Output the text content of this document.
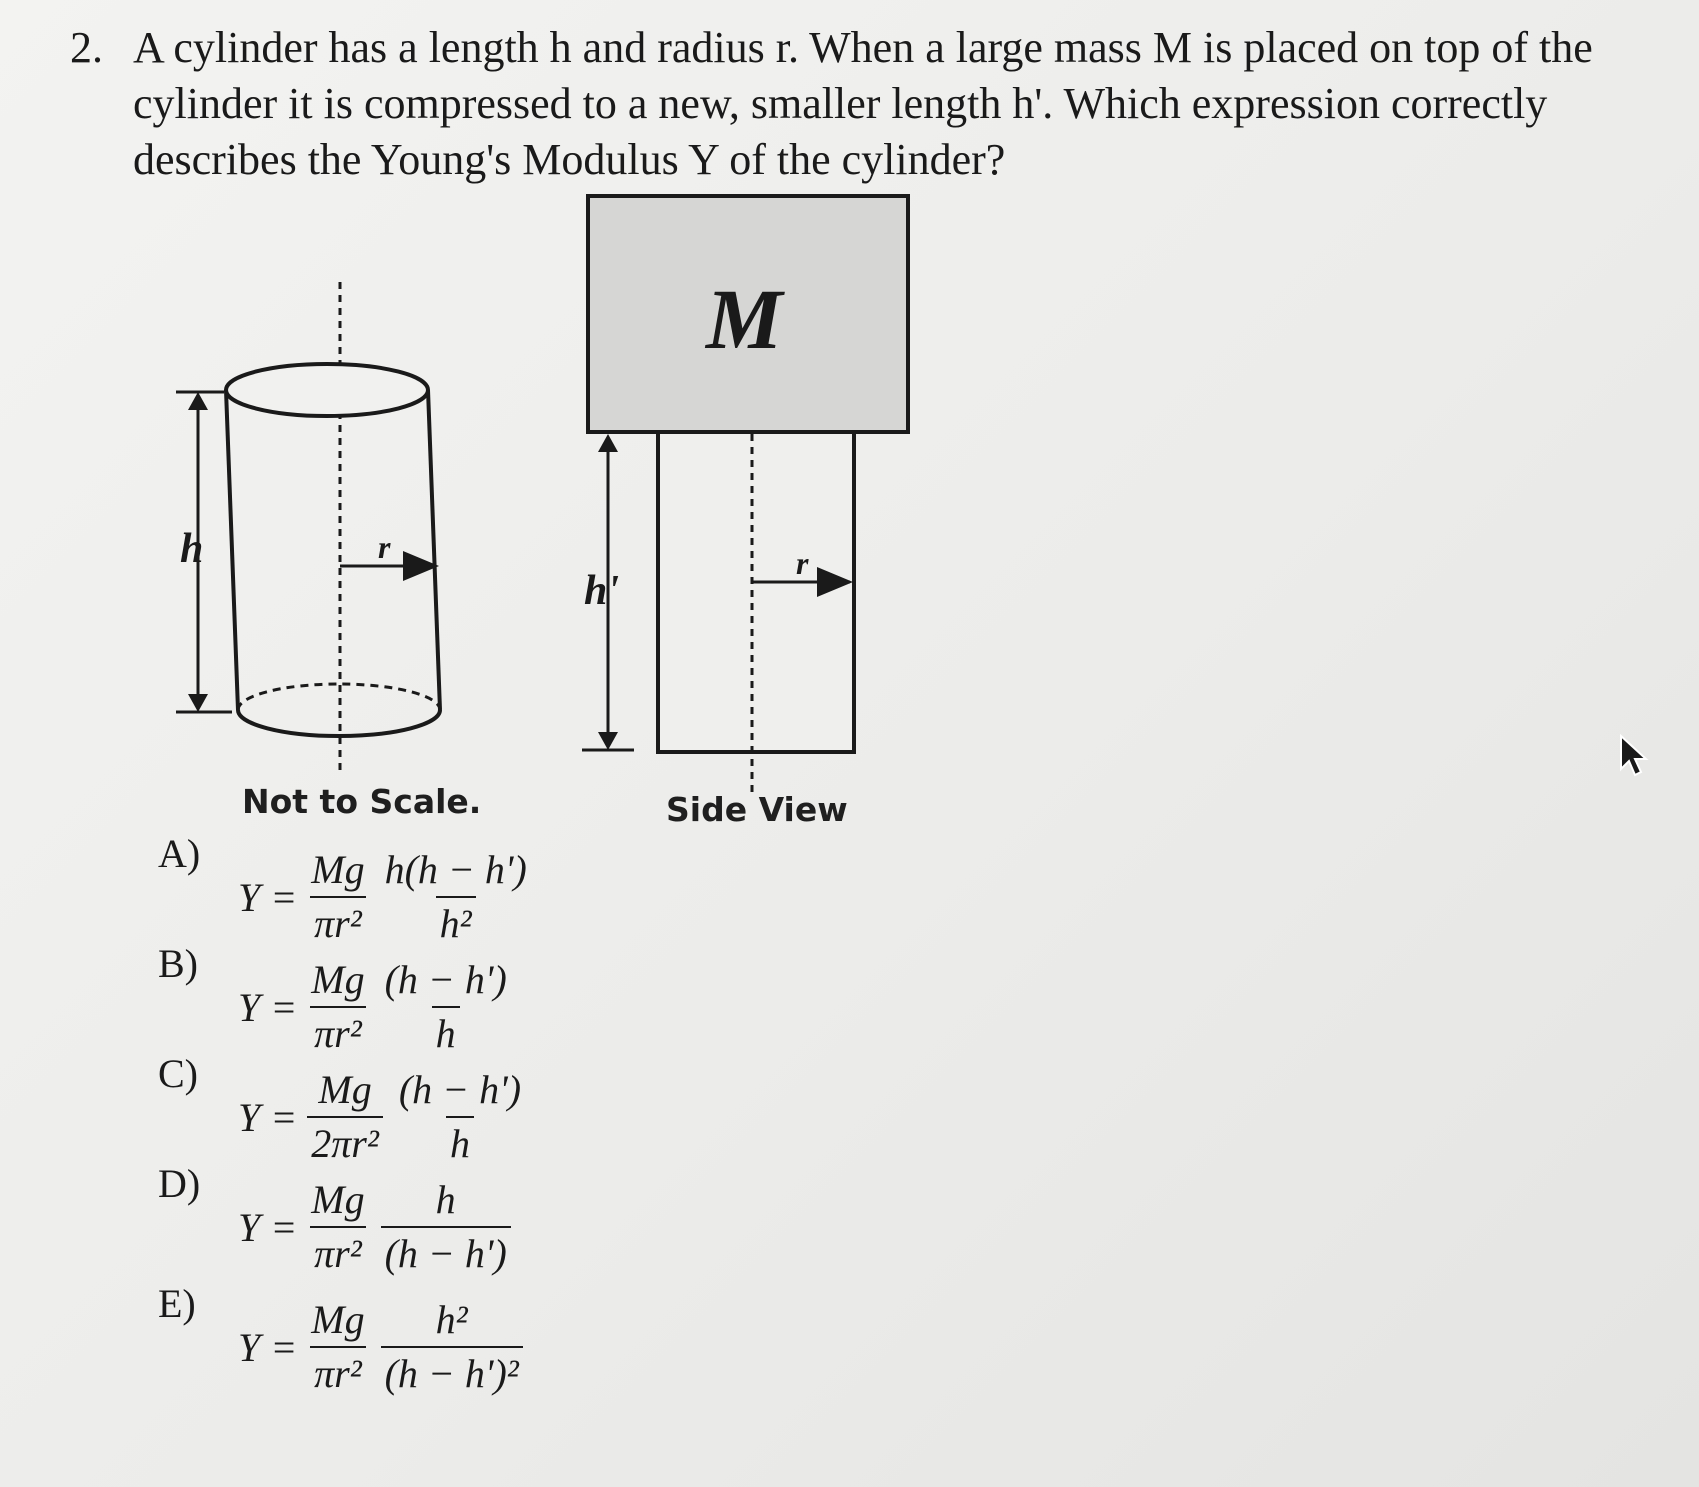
2. A cylinder has a length h and radius r. When a large mass M is placed on top of the
cylinder it is compressed to a new, smaller length h'. Which expression correctly
describes the Young's Modulus Y of the cylinder?
h	r
M
h'
r
Not to Scale.	Side View
A)
$Y = \frac{Mg}{\text{πr²}} \frac{h(h - h')}{\text{h²}}$
B)
$Y = \frac{Mg}{\text{πr²}} \frac{(h - h')}{h}$
C)
$Y = \frac{Mg}{\text{2πr²}} \frac{(h - h')}{h}$
D)
$Y = \frac{Mg}{\text{πr²}} \frac{h}{(h - h')}$
E)
$Y = \frac{Mg}{\text{πr²}} \frac{\text{h²}}{\text{(h − h')²}}$
